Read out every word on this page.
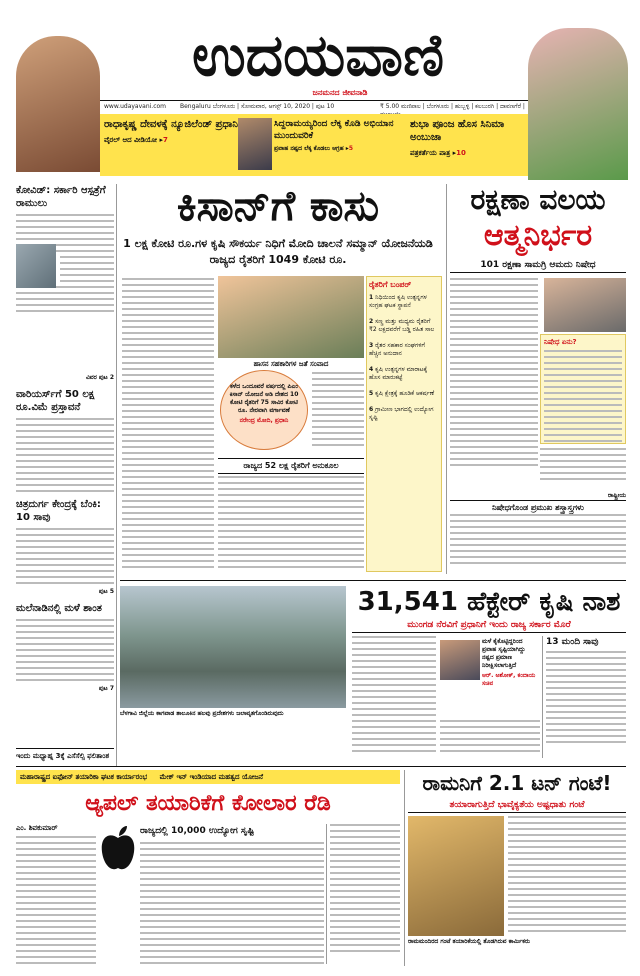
ಉದಯವಾಣಿ
ಜನಮನದ ಜೀವನಾಡಿ
www.udayavani.com	Bengaluru ಬೆಂಗಳೂರು | ಸೋಮವಾರ, ಆಗಸ್ಟ್ 10, 2020 | ಪುಟ 10	₹ 5.00 ಮಣಿಪಾಲ | ಬೆಂಗಳೂರು | ಹುಬ್ಬಳ್ಳಿ | ಕಲಬುರಗಿ | ದಾವಣಗೆರೆ |
ರಾಧಾಕೃಷ್ಣ ದೇವಳಕ್ಕೆ ನ್ಯೂಜಿಲೆಂಡ್ ಪ್ರಧಾನಿ
ವೈರಲ್ ಆದ ವೀಡಿಯೋ ▸7
ಸಿದ್ದರಾಮಯ್ಯರಿಂದ ಲೆಕ್ಕ ಕೊಡಿ ಅಭಿಯಾನ ಮುಂದುವರಿಕೆ
ಪ್ರವಾಹ ನಷ್ಟದ ಲೆಕ್ಕ ಕೊಡಲು ಆಗ್ರಹ ▸5
ಶುಭಾ ಪೂಂಜ ಹೊಸ ಸಿನಿಮಾ ಅಂಬುಜಾ
ಪತ್ರಕರ್ತೆಯ ಪಾತ್ರ ▸10
ಕೋವಿಡ್: ಸರ್ಕಾರಿ ಆಸ್ಪತ್ರೆಗೆ ರಾಮುಲು
ವಿವರ ಪುಟ 2
ವಾರಿಯರ್ಸ್‌ಗೆ 50 ಲಕ್ಷ ರೂ.ವಿಮೆ ಪ್ರಸ್ತಾವನೆ
ಚಿತ್ರದುರ್ಗ ಕೇಂದ್ರಕ್ಕೆ ಬೆಂಕಿ: 10 ಸಾವು
ಪುಟ 5
ಮಲೆನಾಡಿನಲ್ಲಿ ಮಳೆ ಶಾಂತ
ಪುಟ 7
ಇಂದು ಮಧ್ಯಾಹ್ನ 3ಕ್ಕೆ ಎಸೆಸೆಲ್ಸಿ ಫ‌ಲಿತಾಂಶ
ಕಿಸಾನ್‌ಗೆ ಕಾಸು
1 ಲಕ್ಷ ಕೋಟಿ ರೂ.ಗಳ ಕೃಷಿ ಸೌಕರ್ಯ ನಿಧಿಗೆ ಮೋದಿ ಚಾಲನೆ ಸಮ್ಮಾನ್‌ ಯೋಜನೆಯಡಿ ರಾಜ್ಯದ ರೈತರಿಗೆ 1049 ಕೋಟಿ ರೂ.
ಹಾಸನ ಸಹಕಾರಿಗಳ ಜತೆ ಸಂವಾದ
ಕಳೆದ ಒಂದೂವರೆ ವರ್ಷದಲ್ಲಿ ಪಿಎಂ ಕಿಸಾನ್‌ ಯೋಜನೆ ಅಡಿ ದೇಶದ 10 ಕೋಟಿ ರೈತರಿಗೆ 75 ಸಾವಿರ ಕೋಟಿ ರೂ. ನೇರವಾಗಿ ವರ್ಗಾವಣೆ
ನರೇಂದ್ರ ಮೋದಿ, ಪ್ರಧಾನಿ
ರಾಜ್ಯದ 52 ಲಕ್ಷ ರೈತರಿಗೆ ಅನುಕೂಲ
ರೈತರಿಗೆ ಬಂಪರ್
1 ನಿಧಿಯಿಂದ ಕೃಷಿ ಉತ್ಪನ್ನಗಳ ಸಂಗ್ರಹ ಘಟಕ ಸ್ಥಾಪನೆ
2 ಸಣ್ಣ ಮತ್ತು ಮಧ್ಯಮ ರೈತರಿಗೆ ₹2 ಲಕ್ಷದವರೆಗೆ ಬಡ್ಡಿ ರಹಿತ ಸಾಲ
3 ರೈತರ ಸಹಕಾರ ಸಂಘಗಳಿಗೆ ಹೆಚ್ಚಿನ ಅನುದಾನ
4 ಕೃಷಿ ಉತ್ಪನ್ನಗಳ ಮಾರಾಟಕ್ಕೆ ಹೊಸ ಮಾರುಕಟ್ಟೆ
5 ಕೃಷಿ ಕ್ಷೇತ್ರಕ್ಕೆ ಹೂಡಿಕೆ ಆಕರ್ಷಣೆ
6 ಗ್ರಾಮೀಣ ಭಾಗದಲ್ಲಿ ಉದ್ಯೋಗ ಸೃಷ್ಟಿ
ರಕ್ಷಣಾ ವಲಯ
ಆತ್ಮನಿರ್ಭರ
101 ರಕ್ಷಣಾ ಸಾಮಗ್ರಿ ಆಮದು ನಿಷೇಧ
ನಿಷೇಧ ಏನು?
ನಿಷೇಧಗೊಂಡ ಪ್ರಮುಖ ಶಸ್ತ್ರಾಸ್ತ್ರಗಳು
ರಾಷ್ಟ್ರೀಯ
ಬೆಳಗಾವಿ ಜಿಲ್ಲೆಯ ಕಾಗವಾಡ ತಾಲೂಕಿನ ಹಲವು ಪ್ರದೇಶಗಳು ಜಲಾವೃತಗೊಂಡಿರುವುದು
31,541 ಹೆಕ್ಟೇರ್ ಕೃಷಿ ನಾಶ
ಮುಂಗಡ ನೆರವಿಗೆ ಪ್ರಧಾನಿಗೆ ಇಂದು ರಾಜ್ಯ ಸರ್ಕಾರ ಮೊರೆ
ಮಳೆ ಕೈಕೊಟ್ಟಿದ್ದರಿಂದ ಪ್ರವಾಹ ಸೃಷ್ಟಿಯಾಗಿದ್ದು ನಷ್ಟದ ಪ್ರಮಾಣ ನಿರೀಕ್ಷಿಸಲಾಗುತ್ತಿದೆ
ಆರ್. ಅಶೋಕ್, ಕಂದಾಯ ಸಚಿವ
13 ಮಂದಿ ಸಾವು
ಮಹಾರಾಷ್ಟ್ರದ ಐಫೋನ್ ತಯಾರಿಕಾ ಘಟಕ ಕಾರ್ಯಾರಂಭ ಮೇಕ್ ಇನ್ ಇಂಡಿಯಾದ ಮಹತ್ವದ ಯೋಜನೆ
ಆ್ಯಪಲ್ ತಯಾರಿಕೆಗೆ ಕೋಲಾರ ರೆಡಿ
ಎಂ. ಶಿವಕುಮಾರ್	ರಾಜ್ಯದಲ್ಲಿ 10,000 ಉದ್ಯೋಗ ಸೃಷ್ಟಿ
ರಾಮನಿಗೆ 2.1 ಟನ್ ಗಂಟೆ!
ತಯಾರಾಗುತ್ತಿದೆ ಭಾವೈಕ್ಯತೆಯ ಅಷ್ಟಧಾತು ಗಂಟೆ
ರಾಮಮಂದಿರದ ಗಂಟೆ ತಯಾರಿಕೆಯಲ್ಲಿ ತೊಡಗಿರುವ ಕಾರ್ಮಿಕರು
